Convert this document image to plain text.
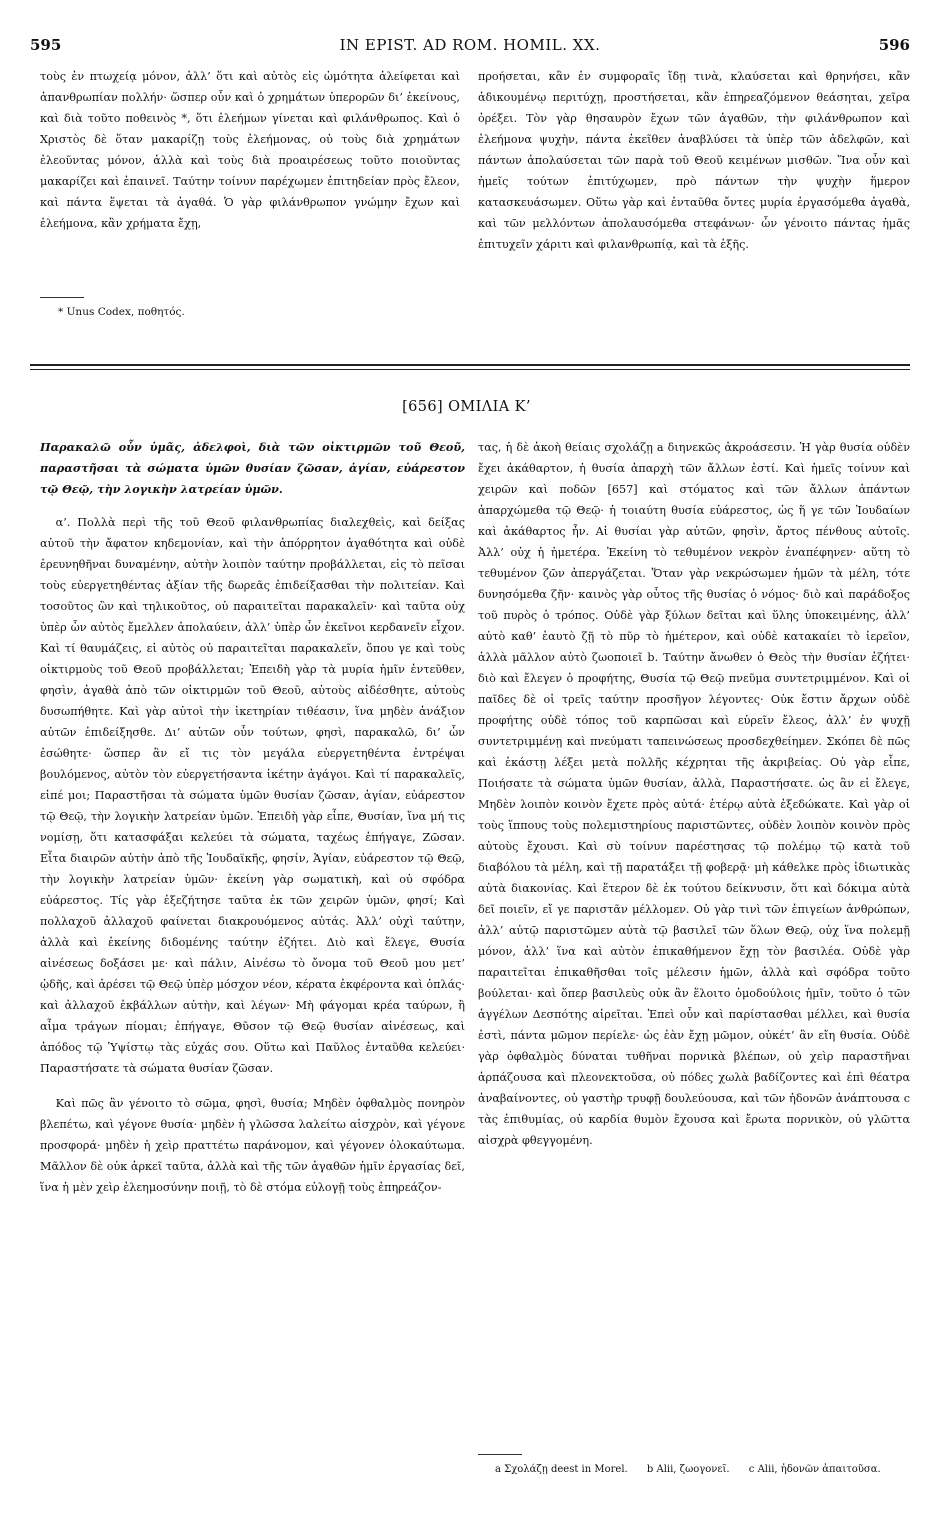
595	IN EPIST. AD ROM. HOMIL. XX.	596

τοὺς ἐν πτωχείᾳ μόνον, ἀλλ’ ὅτι καὶ αὐτὸς εἰς ὠμότητα ἀλείφεται καὶ ἀπανθρωπίαν πολλήν· ὥσπερ οὖν καὶ ὁ χρημάτων ὑπερορῶν δι’ ἐκείνους, καὶ διὰ τοῦτο ποθεινὸς *, ὅτι ἐλεήμων γίνεται καὶ φιλάνθρωπος. Καὶ ὁ Χριστὸς δὲ ὅταν μακαρίζῃ τοὺς ἐλεήμονας, οὐ τοὺς διὰ χρημάτων ἐλεοῦντας μόνον, ἀλλὰ καὶ τοὺς διὰ προαιρέσεως τοῦτο ποιοῦντας μακαρίζει καὶ ἐπαινεῖ. Ταύτην τοίνυν παρέχωμεν ἐπιτηδείαν πρὸς ἔλεον, καὶ πάντα ἕψεται τὰ ἀγαθά. Ὁ γὰρ φιλάνθρωπον γνώμην ἔχων καὶ ἐλεήμονα, κἂν χρήματα ἔχῃ,

προήσεται, κἂν ἐν συμφοραῖς ἴδῃ τινὰ, κλαύσεται καὶ θρηνήσει, κἂν ἀδικουμένῳ περιτύχῃ, προστήσεται, κἂν ἐπηρεαζόμενον θεάσηται, χεῖρα ὀρέξει. Τὸν γὰρ θησαυρὸν ἔχων τῶν ἀγαθῶν, τὴν φιλάνθρωπον καὶ ἐλεήμονα ψυχὴν, πάντα ἐκεῖθεν ἀναβλύσει τὰ ὑπὲρ τῶν ἀδελφῶν, καὶ πάντων ἀπολαύσεται τῶν παρὰ τοῦ Θεοῦ κειμένων μισθῶν. Ἵνα οὖν καὶ ἡμεῖς τούτων ἐπιτύχωμεν, πρὸ πάντων τὴν ψυχὴν ἥμερον κατασκευάσωμεν. Οὕτω γὰρ καὶ ἐνταῦθα ὄντες μυρία ἐργασόμεθα ἀγαθὰ, καὶ τῶν μελλόντων ἀπολαυσόμεθα στεφάνων· ὧν γένοιτο πάντας ἡμᾶς ἐπιτυχεῖν χάριτι καὶ φιλανθρωπίᾳ, καὶ τὰ ἑξῆς.

* Unus Codex, ποθητός.
[656] ΟΜΙΛΙΑ Κ’

Παρακαλῶ οὖν ὑμᾶς, ἀδελφοὶ, διὰ τῶν οἰκτιρμῶν τοῦ Θεοῦ, παραστῆσαι τὰ σώματα ὑμῶν θυσίαν ζῶσαν, ἁγίαν, εὐάρεστον τῷ Θεῷ, τὴν λογικὴν λατρείαν ὑμῶν.

α’. Πολλὰ περὶ τῆς τοῦ Θεοῦ φιλανθρωπίας διαλεχθεὶς, καὶ δείξας αὐτοῦ τὴν ἄφατον κηδεμονίαν, καὶ τὴν ἀπόρρητον ἀγαθότητα καὶ οὐδὲ ἐρευνηθῆναι δυναμένην, αὐτὴν λοιπὸν ταύτην προβάλλεται, εἰς τὸ πεῖσαι τοὺς εὐεργετηθέντας ἀξίαν τῆς δωρεᾶς ἐπιδείξασθαι τὴν πολιτείαν. Καὶ τοσοῦτος ὢν καὶ τηλικοῦτος, οὐ παραιτεῖται παρακαλεῖν· καὶ ταῦτα οὐχ ὑπὲρ ὧν αὐτὸς ἔμελλεν ἀπολαύειν, ἀλλ’ ὑπὲρ ὧν ἐκεῖνοι κερδανεῖν εἶχον. Καὶ τί θαυμάζεις, εἰ αὐτὸς οὐ παραιτεῖται παρακαλεῖν, ὅπου γε καὶ τοὺς οἰκτιρμοὺς τοῦ Θεοῦ προβάλλεται; Ἐπειδὴ γὰρ τὰ μυρία ἡμῖν ἐντεῦθεν, φησὶν, ἀγαθὰ ἀπὸ τῶν οἰκτιρμῶν τοῦ Θεοῦ, αὐτοὺς αἰδέσθητε, αὐτοὺς δυσωπήθητε. Καὶ γὰρ αὐτοὶ τὴν ἱκετηρίαν τιθέασιν, ἵνα μηδὲν ἀνάξιον αὐτῶν ἐπιδείξησθε. Δι’ αὐτῶν οὖν τούτων, φησὶ, παρακαλῶ, δι’ ὧν ἐσώθητε· ὥσπερ ἂν εἴ τις τὸν μεγάλα εὐεργετηθέντα ἐντρέψαι βουλόμενος, αὐτὸν τὸν εὐεργετήσαντα ἱκέτην ἀγάγοι. Καὶ τί παρακαλεῖς, εἰπέ μοι; Παραστῆσαι τὰ σώματα ὑμῶν θυσίαν ζῶσαν, ἁγίαν, εὐάρεστον τῷ Θεῷ, τὴν λογικὴν λατρείαν ὑμῶν. Ἐπειδὴ γὰρ εἶπε, Θυσίαν, ἵνα μή τις νομίσῃ, ὅτι κατασφάξαι κελεύει τὰ σώματα, ταχέως ἐπήγαγε, Ζῶσαν. Εἶτα διαιρῶν αὐτὴν ἀπὸ τῆς Ἰουδαϊκῆς, φησίν, Ἁγίαν, εὐάρεστον τῷ Θεῷ, τὴν λογικὴν λατρείαν ὑμῶν· ἐκείνη γὰρ σωματικὴ, καὶ οὐ σφόδρα εὐάρεστος. Τίς γὰρ ἐξεζήτησε ταῦτα ἐκ τῶν χειρῶν ὑμῶν, φησί; Καὶ πολλαχοῦ ἀλλαχοῦ φαίνεται διακρουόμενος αὐτάς. Ἀλλ’ οὐχὶ ταύτην, ἀλλὰ καὶ ἐκείνης διδομένης ταύτην ἐζήτει. Διὸ καὶ ἔλεγε, Θυσία αἰνέσεως δοξάσει με· καὶ πάλιν, Αἰνέσω τὸ ὄνομα τοῦ Θεοῦ μου μετ’ ᾠδῆς, καὶ ἀρέσει τῷ Θεῷ ὑπὲρ μόσχον νέον, κέρατα ἐκφέροντα καὶ ὁπλάς· καὶ ἀλλαχοῦ ἐκβάλλων αὐτὴν, καὶ λέγων· Μὴ φάγομαι κρέα ταύρων, ἢ αἷμα τράγων πίομαι; ἐπήγαγε, Θῦσον τῷ Θεῷ θυσίαν αἰνέσεως, καὶ ἀπόδος τῷ Ὑψίστῳ τὰς εὐχάς σου. Οὕτω καὶ Παῦλος ἐνταῦθα κελεύει· Παραστήσατε τὰ σώματα θυσίαν ζῶσαν.

Καὶ πῶς ἂν γένοιτο τὸ σῶμα, φησὶ, θυσία; Μηδὲν ὀφθαλμὸς πονηρὸν βλεπέτω, καὶ γέγονε θυσία· μηδὲν ἡ γλῶσσα λαλείτω αἰσχρὸν, καὶ γέγονε προσφορά· μηδὲν ἡ χεὶρ πραττέτω παράνομον, καὶ γέγονεν ὁλοκαύτωμα. Μᾶλλον δὲ οὐκ ἀρκεῖ ταῦτα, ἀλλὰ καὶ τῆς τῶν ἀγαθῶν ἡμῖν ἐργασίας δεῖ, ἵνα ἡ μὲν χεὶρ ἐλεημοσύνην ποιῇ, τὸ δὲ στόμα εὐλογῇ τοὺς ἐπηρεάζον-

τας, ἡ δὲ ἀκοὴ θείαις σχολάζῃ a διηνεκῶς ἀκροάσεσιν. Ἡ γὰρ θυσία οὐδὲν ἔχει ἀκάθαρτον, ἡ θυσία ἀπαρχὴ τῶν ἄλλων ἐστί. Καὶ ἡμεῖς τοίνυν καὶ χειρῶν καὶ ποδῶν [657] καὶ στόματος καὶ τῶν ἄλλων ἁπάντων ἀπαρχώμεθα τῷ Θεῷ· ἡ τοιαύτη θυσία εὐάρεστος, ὡς ἥ γε τῶν Ἰουδαίων καὶ ἀκάθαρτος ἦν. Αἱ θυσίαι γὰρ αὐτῶν, φησὶν, ἄρτος πένθους αὐτοῖς. Ἀλλ’ οὐχ ἡ ἡμετέρα. Ἐκείνη τὸ τεθυμένον νεκρὸν ἐναπέφηνεν· αὕτη τὸ τεθυμένον ζῶν ἀπεργάζεται. Ὅταν γὰρ νεκρώσωμεν ἡμῶν τὰ μέλη, τότε δυνησόμεθα ζῆν· καινὸς γὰρ οὗτος τῆς θυσίας ὁ νόμος· διὸ καὶ παράδοξος τοῦ πυρὸς ὁ τρόπος. Οὐδὲ γὰρ ξύλων δεῖται καὶ ὕλης ὑποκειμένης, ἀλλ’ αὐτὸ καθ’ ἑαυτὸ ζῇ τὸ πῦρ τὸ ἡμέτερον, καὶ οὐδὲ κατακαίει τὸ ἱερεῖον, ἀλλὰ μᾶλλον αὐτὸ ζωοποιεῖ b. Ταύτην ἄνωθεν ὁ Θεὸς τὴν θυσίαν ἐζήτει· διὸ καὶ ἔλεγεν ὁ προφήτης, Θυσία τῷ Θεῷ πνεῦμα συντετριμμένον. Καὶ οἱ παῖδες δὲ οἱ τρεῖς ταύτην προσῆγον λέγοντες· Οὐκ ἔστιν ἄρχων οὐδὲ προφήτης οὐδὲ τόπος τοῦ καρπῶσαι καὶ εὑρεῖν ἔλεος, ἀλλ’ ἐν ψυχῇ συντετριμμένῃ καὶ πνεύματι ταπεινώσεως προσδεχθείημεν. Σκόπει δὲ πῶς καὶ ἑκάστῃ λέξει μετὰ πολλῆς κέχρηται τῆς ἀκριβείας. Οὐ γὰρ εἶπε, Ποιήσατε τὰ σώματα ὑμῶν θυσίαν, ἀλλὰ, Παραστήσατε. ὡς ἂν εἰ ἔλεγε, Μηδὲν λοιπὸν κοινὸν ἔχετε πρὸς αὐτά· ἑτέρῳ αὐτὰ ἐξεδώκατε. Καὶ γὰρ οἱ τοὺς ἵππους τοὺς πολεμιστηρίους παριστῶντες, οὐδὲν λοιπὸν κοινὸν πρὸς αὐτοὺς ἔχουσι. Καὶ σὺ τοίνυν παρέστησας τῷ πολέμῳ τῷ κατὰ τοῦ διαβόλου τὰ μέλη, καὶ τῇ παρατάξει τῇ φοβερᾷ· μὴ κάθελκε πρὸς ἰδιωτικὰς αὐτὰ διακονίας. Καὶ ἕτερον δὲ ἐκ τούτου δείκνυσιν, ὅτι καὶ δόκιμα αὐτὰ δεῖ ποιεῖν, εἴ γε παριστᾶν μέλλομεν. Οὐ γὰρ τινὶ τῶν ἐπιγείων ἀνθρώπων, ἀλλ’ αὐτῷ παριστῶμεν αὐτὰ τῷ βασιλεῖ τῶν ὅλων Θεῷ, οὐχ ἵνα πολεμῇ μόνον, ἀλλ’ ἵνα καὶ αὐτὸν ἐπικαθήμενον ἔχῃ τὸν βασιλέα. Οὐδὲ γὰρ παραιτεῖται ἐπικαθῆσθαι τοῖς μέλεσιν ἡμῶν, ἀλλὰ καὶ σφόδρα τοῦτο βούλεται· καὶ ὅπερ βασιλεὺς οὐκ ἂν ἕλοιτο ὁμοδούλοις ἡμῖν, τοῦτο ὁ τῶν ἀγγέλων Δεσπότης αἱρεῖται. Ἐπεὶ οὖν καὶ παρίστασθαι μέλλει, καὶ θυσία ἐστὶ, πάντα μῶμον περίελε· ὡς ἐὰν ἔχῃ μῶμον, οὐκέτ’ ἂν εἴη θυσία. Οὐδὲ γὰρ ὀφθαλμὸς δύναται τυθῆναι πορνικὰ βλέπων, οὐ χεὶρ παραστῆναι ἁρπάζουσα καὶ πλεονεκτοῦσα, οὐ πόδες χωλὰ βαδίζοντες καὶ ἐπὶ θέατρα ἀναβαίνοντες, οὐ γαστὴρ τρυφῇ δουλεύουσα, καὶ τῶν ἡδονῶν ἀνάπτουσα c τὰς ἐπιθυμίας, οὐ καρδία θυμὸν ἔχουσα καὶ ἔρωτα πορνικὸν, οὐ γλῶττα αἰσχρὰ φθεγγομένη.

a Σχολάζῃ deest in Morel. b Alii, ζωογονεῖ. c Alii, ἡδονῶν ἀπαιτοῦσα.
